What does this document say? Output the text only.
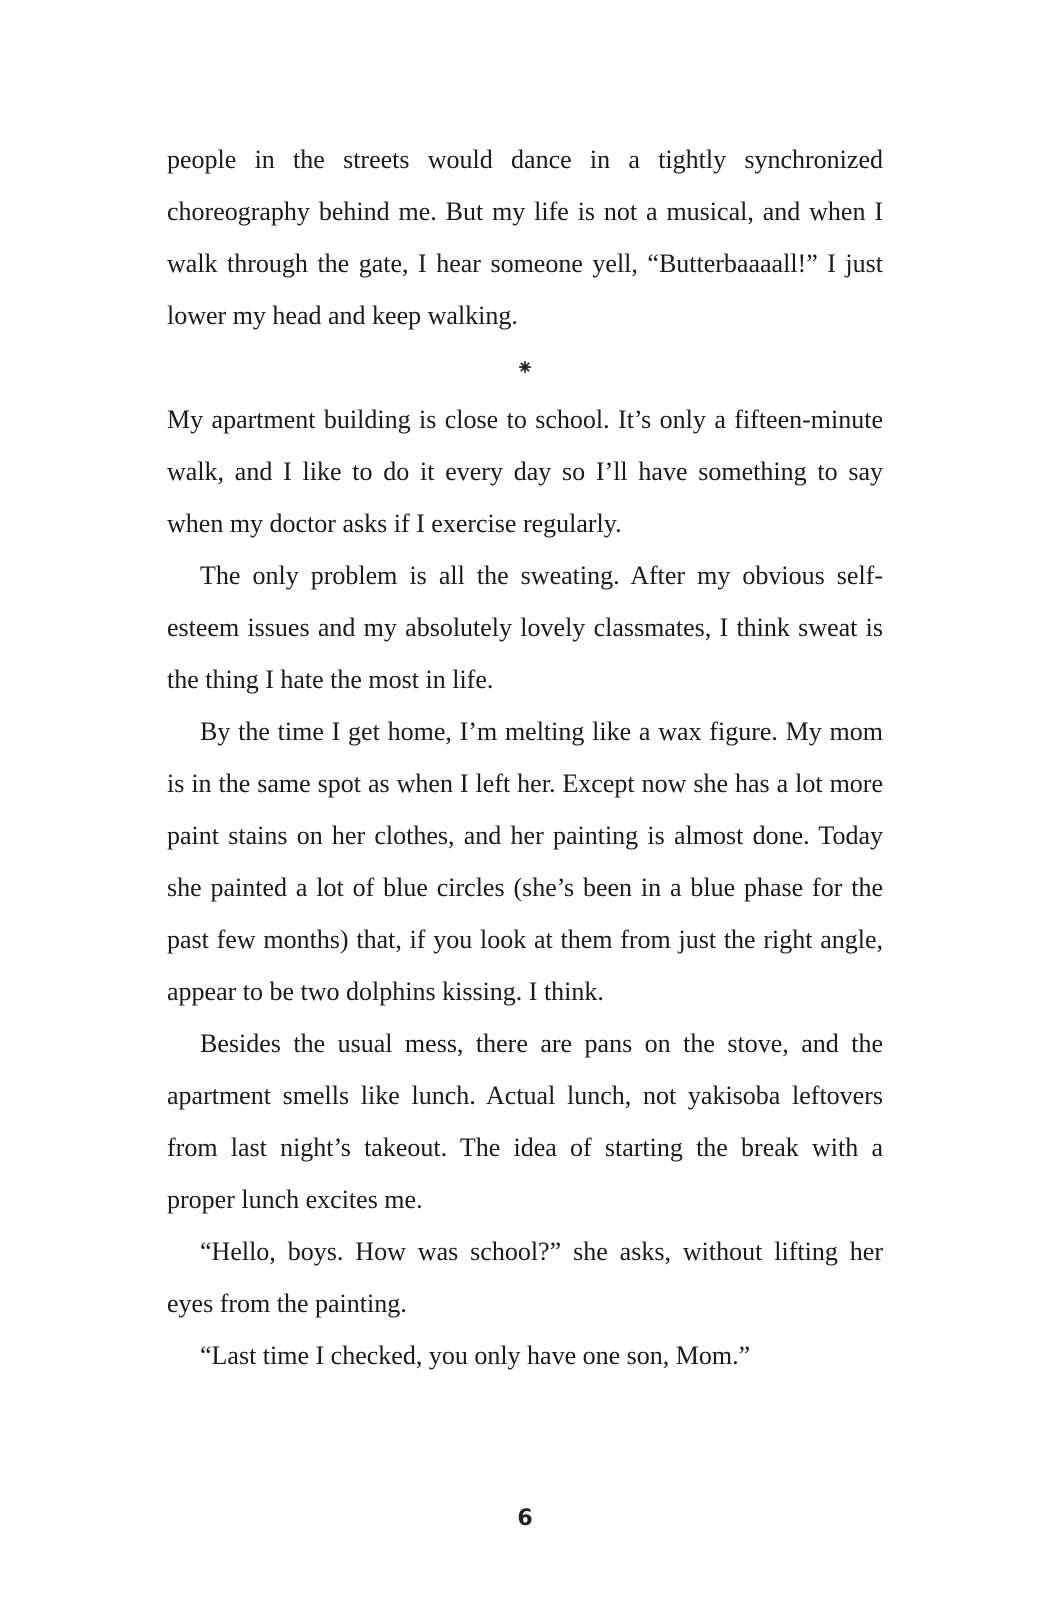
people in the streets would dance in a tightly synchronized choreography behind me. But my life is not a musical, and when I walk through the gate, I hear someone yell, “Butterbaaaall!” I just lower my head and keep walking.

⁕

My apartment building is close to school. It’s only a fifteen-minute walk, and I like to do it every day so I’ll have something to say when my doctor asks if I exercise regularly.

The only problem is all the sweating. After my obvious self-esteem issues and my absolutely lovely classmates, I think sweat is the thing I hate the most in life.

By the time I get home, I’m melting like a wax figure. My mom is in the same spot as when I left her. Except now she has a lot more paint stains on her clothes, and her painting is almost done. Today she painted a lot of blue circles (she’s been in a blue phase for the past few months) that, if you look at them from just the right angle, appear to be two dolphins kissing. I think.

Besides the usual mess, there are pans on the stove, and the apartment smells like lunch. Actual lunch, not yakisoba leftovers from last night’s takeout. The idea of starting the break with a proper lunch excites me.

“Hello, boys. How was school?” she asks, without lifting her eyes from the painting.

“Last time I checked, you only have one son, Mom.”

6
